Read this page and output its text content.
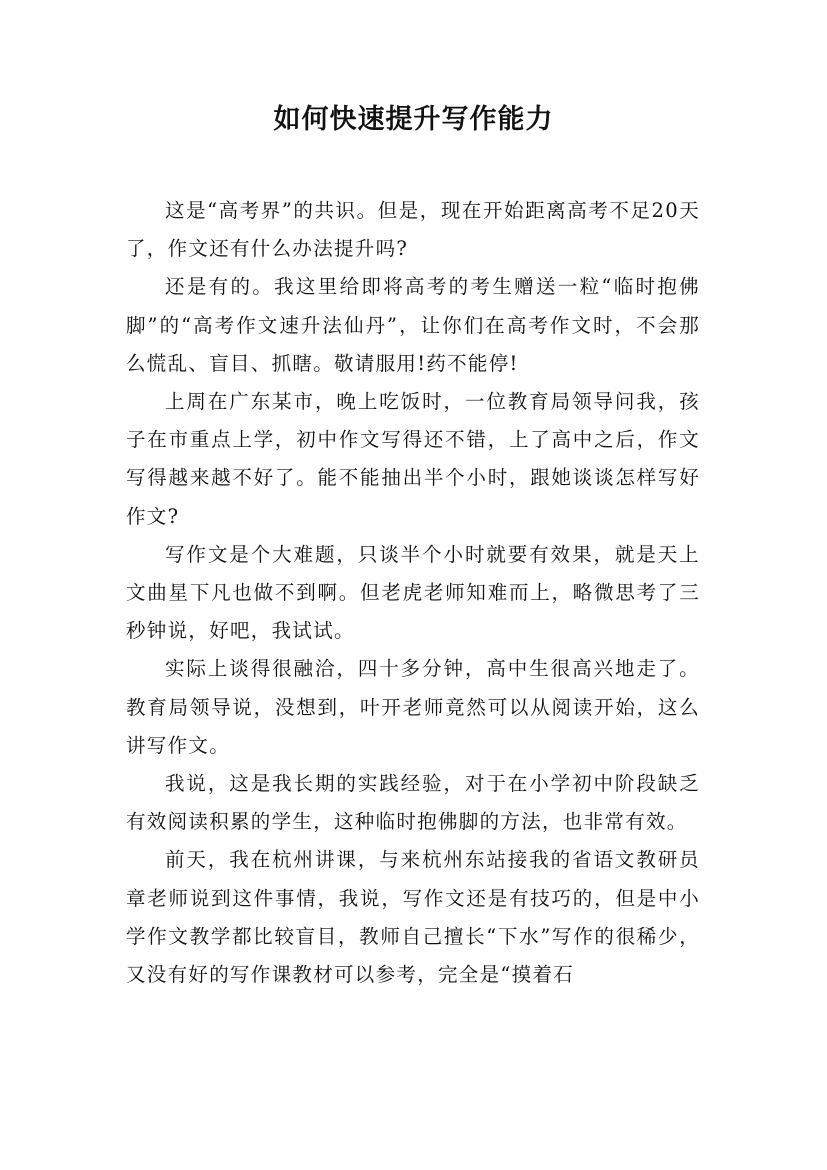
如何快速提升写作能力

这是“高考界”的共识。但是，现在开始距离高考不足20天了，作文还有什么办法提升吗?

还是有的。我这里给即将高考的考生赠送一粒“临时抱佛脚”的“高考作文速升法仙丹”，让你们在高考作文时，不会那么慌乱、盲目、抓瞎。敬请服用!药不能停!

上周在广东某市，晚上吃饭时，一位教育局领导问我，孩子在市重点上学，初中作文写得还不错，上了高中之后，作文写得越来越不好了。能不能抽出半个小时，跟她谈谈怎样写好作文?

写作文是个大难题，只谈半个小时就要有效果，就是天上文曲星下凡也做不到啊。但老虎老师知难而上，略微思考了三秒钟说，好吧，我试试。

实际上谈得很融洽，四十多分钟，高中生很高兴地走了。教育局领导说，没想到，叶开老师竟然可以从阅读开始，这么讲写作文。

我说，这是我长期的实践经验，对于在小学初中阶段缺乏有效阅读积累的学生，这种临时抱佛脚的方法，也非常有效。

前天，我在杭州讲课，与来杭州东站接我的省语文教研员章老师说到这件事情，我说，写作文还是有技巧的，但是中小学作文教学都比较盲目，教师自己擅长“下水”写作的很稀少，又没有好的写作课教材可以参考，完全是“摸着石
